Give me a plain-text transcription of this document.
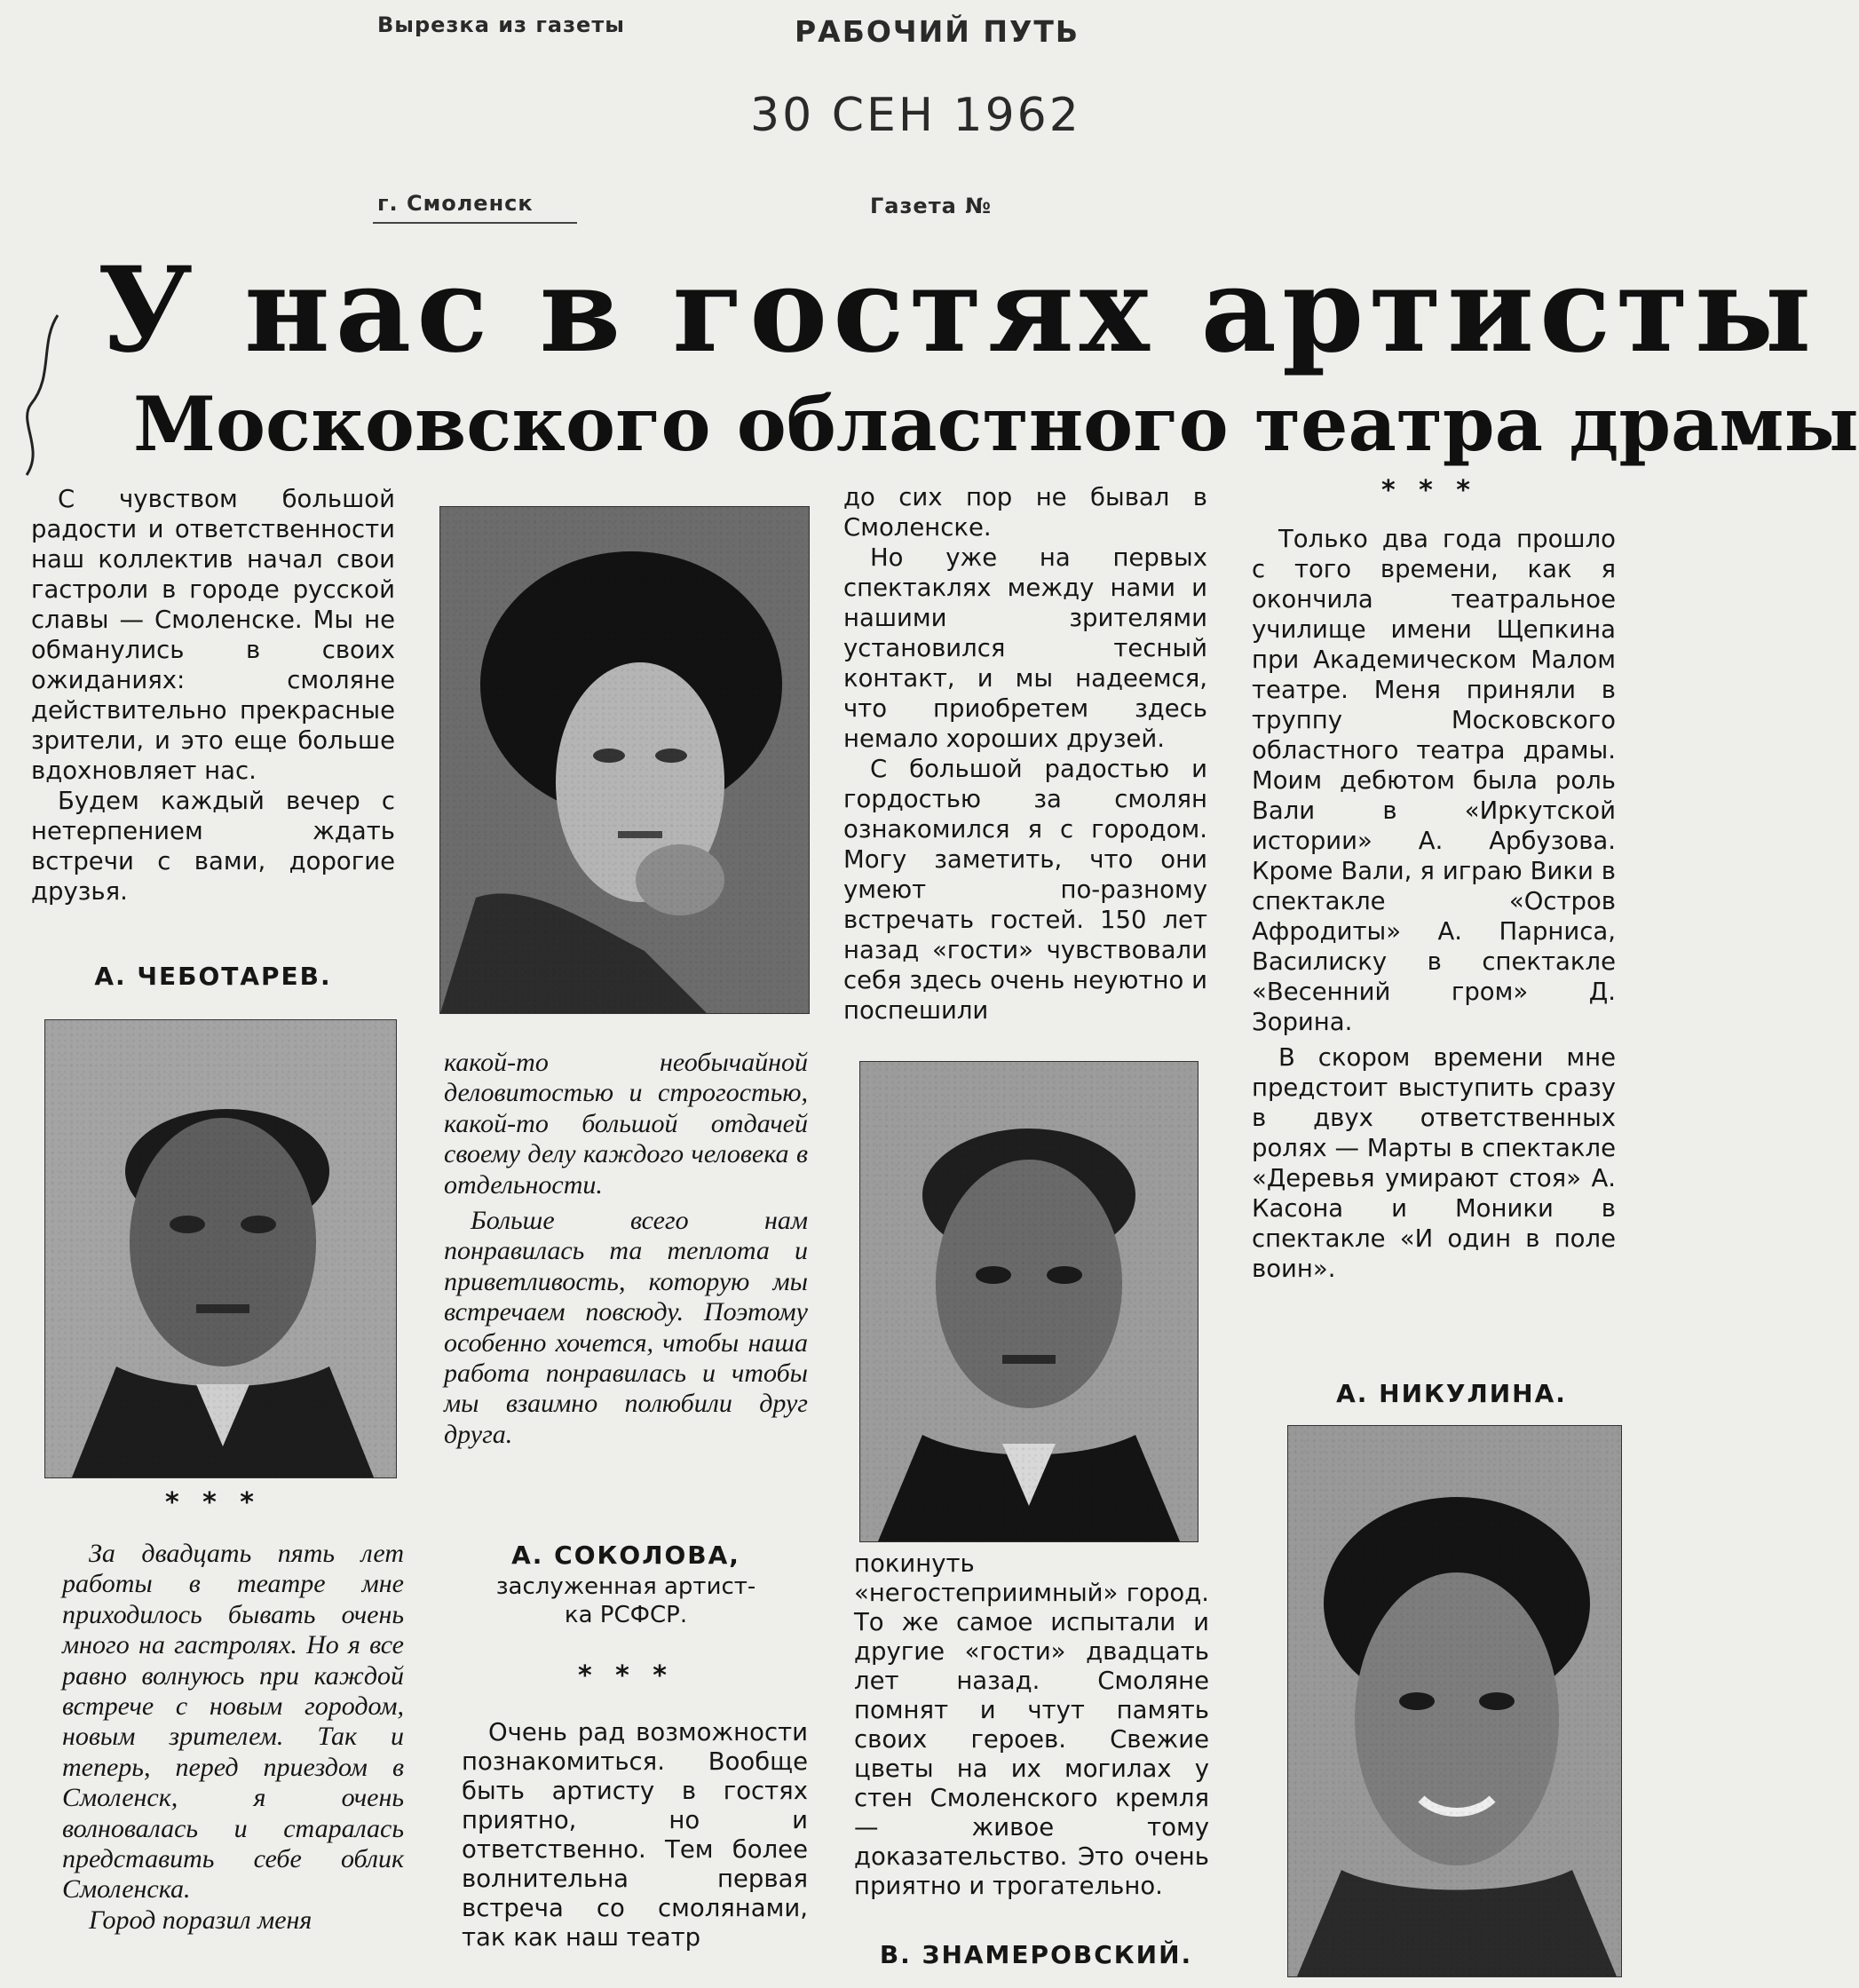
Вырезка из газеты	РАБОЧИЙ ПУТЬ
30 СЕН 1962
г. Смоленск	Газета №
У нас в гостях артисты
Московского областного театра драмы

С чувством большой радости и ответственности наш коллектив начал свои гастроли в городе русской славы — Смоленске. Мы не обманулись в своих ожиданиях: смоляне действительно прекрасные зрители, и это еще больше вдохновляет нас.

Будем каждый вечер с нетерпением ждать встречи с вами, дорогие друзья.

А. ЧЕБОТАРЕВ.
* * *

За двадцать пять лет работы в театре мне приходилось бывать очень много на гастролях. Но я все равно волнуюсь при каждой встрече с новым городом, новым зрителем. Так и теперь, перед приездом в Смоленск, я очень волновалась и старалась представить себе облик Смоленска.

Город поразил меня

какой-то необычайной деловитостью и строгостью, какой-то большой отдачей своему делу каждого человека в отдельности.

Больше всего нам понравилась та теплота и приветливость, которую мы встречаем повсюду. Поэтому особенно хочется, чтобы наша работа понравилась и чтобы мы взаимно полюбили друг друга.

А. СОКОЛОВА,
заслуженная артист-
ка РСФСР.
* * *

Очень рад возможности познакомиться. Вообще быть артисту в гостях приятно, но и ответственно. Тем более волнительна первая встреча со смолянами, так как наш театр

до сих пор не бывал в Смоленске.

Но уже на первых спектаклях между нами и нашими зрителями установился тесный контакт, и мы надеемся, что приобретем здесь немало хороших друзей.

С большой радостью и гордостью за смолян ознакомился я с городом. Могу заметить, что они умеют по-разному встречать гостей. 150 лет назад «гости» чувствовали себя здесь очень неуютно и поспешили

покинуть «негостеприимный» город. То же самое испытали и другие «гости» двадцать лет назад. Смоляне помнят и чтут память своих героев. Свежие цветы на их могилах у стен Смоленского кремля — живое тому доказательство. Это очень приятно и трогательно.

В. ЗНАМЕРОВСКИЙ.
* * *

Только два года прошло с того времени, как я окончила театральное училище имени Щепкина при Академическом Малом театре. Меня приняли в труппу Московского областного театра драмы. Моим дебютом была роль Вали в «Иркутской истории» А. Арбузова. Кроме Вали, я играю Вики в спектакле «Остров Афродиты» А. Парниса, Василиску в спектакле «Весенний гром» Д. Зорина.

В скором времени мне предстоит выступить сразу в двух ответственных ролях — Марты в спектакле «Деревья умирают стоя» А. Касона и Моники в спектакле «И один в поле воин».

А. НИКУЛИНА.
